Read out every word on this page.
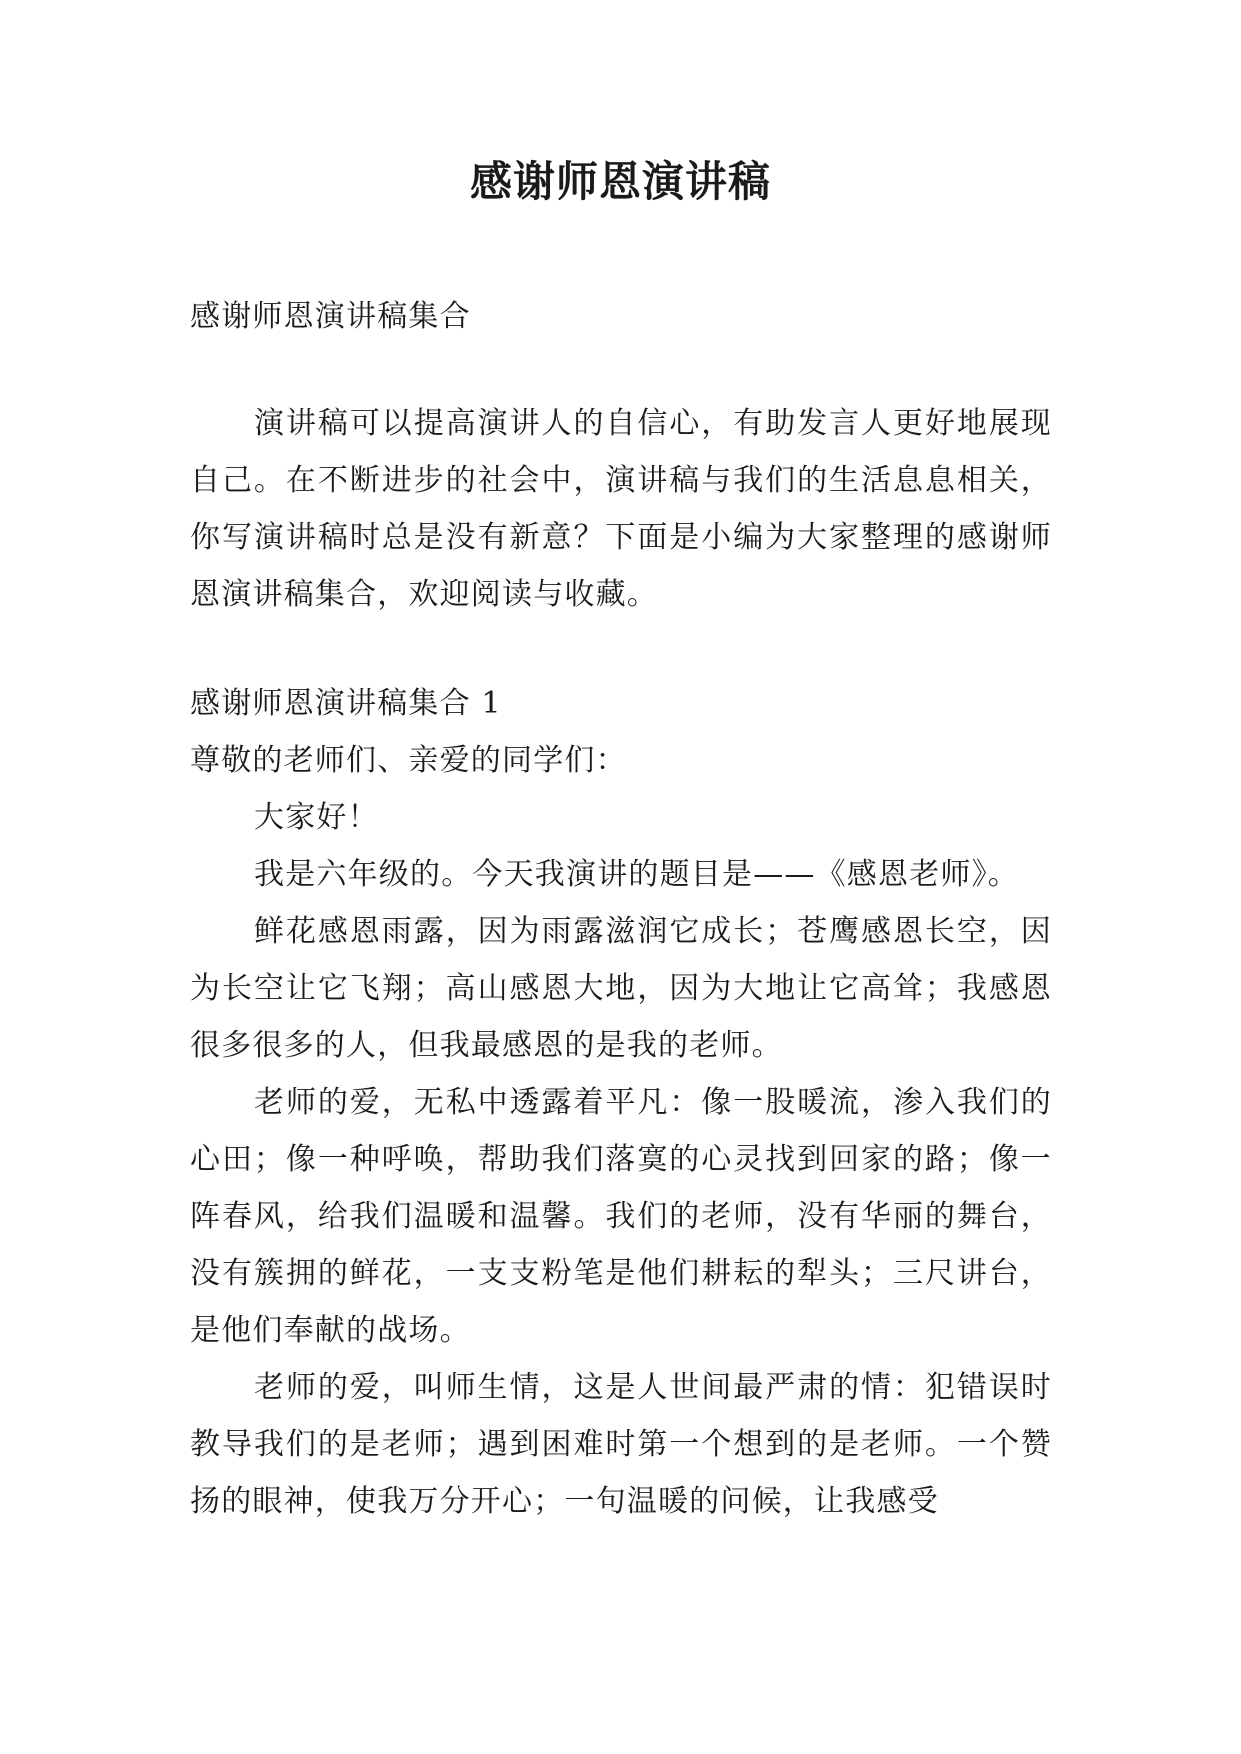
感谢师恩演讲稿

感谢师恩演讲稿集合

演讲稿可以提高演讲人的自信心，有助发言人更好地展现自己。在不断进步的社会中，演讲稿与我们的生活息息相关，你写演讲稿时总是没有新意？下面是小编为大家整理的感谢师恩演讲稿集合，欢迎阅读与收藏。

感谢师恩演讲稿集合 1

尊敬的老师们、亲爱的同学们：

大家好！

我是六年级的。今天我演讲的题目是——《感恩老师》。

鲜花感恩雨露，因为雨露滋润它成长；苍鹰感恩长空，因为长空让它飞翔；高山感恩大地，因为大地让它高耸；我感恩很多很多的人，但我最感恩的是我的老师。

老师的爱，无私中透露着平凡：像一股暖流，渗入我们的心田；像一种呼唤，帮助我们落寞的心灵找到回家的路；像一阵春风，给我们温暖和温馨。我们的老师，没有华丽的舞台，没有簇拥的鲜花，一支支粉笔是他们耕耘的犁头；三尺讲台，是他们奉献的战场。

老师的爱，叫师生情，这是人世间最严肃的情：犯错误时教导我们的是老师；遇到困难时第一个想到的是老师。一个赞扬的眼神，使我万分开心；一句温暖的问候，让我感受
